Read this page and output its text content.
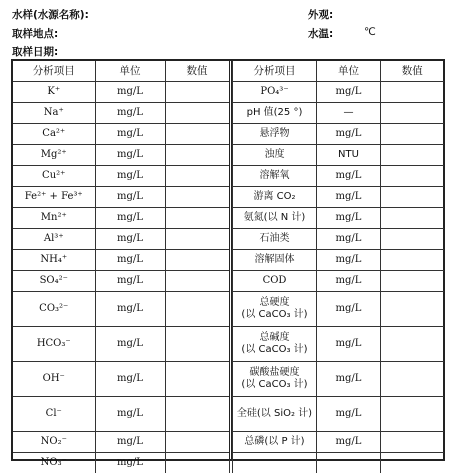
水样(水源名称):
取样地点:
取样日期:
外观:
水温:	℃
分析项目	单位	数值
K⁺	mg/L	
Na⁺	mg/L	
Ca²⁺	mg/L	
Mg²⁺	mg/L	
Cu²⁺	mg/L	
Fe²⁺ + Fe³⁺	mg/L	
Mn²⁺	mg/L	
Al³⁺	mg/L	
NH₄⁺	mg/L	
SO₄²⁻	mg/L	
CO₃²⁻	mg/L	
HCO₃⁻	mg/L	
OH⁻	mg/L	
Cl⁻	mg/L	
NO₂⁻	mg/L	
NO₃⁻	mg/L	
分析项目	单位	数值
PO₄³⁻	mg/L	
pH 值(25 °)	—	
悬浮物	mg/L	
浊度	NTU	
溶解氧	mg/L	
游离 CO₂	mg/L	
氨氮(以 N 计)	mg/L	
石油类	mg/L	
溶解固体	mg/L	
COD	mg/L	
总硬度
(以 CaCO₃ 计)	mg/L	
总碱度
(以 CaCO₃ 计)	mg/L	
碳酸盐硬度
(以 CaCO₃ 计)	mg/L	
全硅(以 SiO₂ 计)	mg/L	
总磷(以 P 计)	mg/L	
